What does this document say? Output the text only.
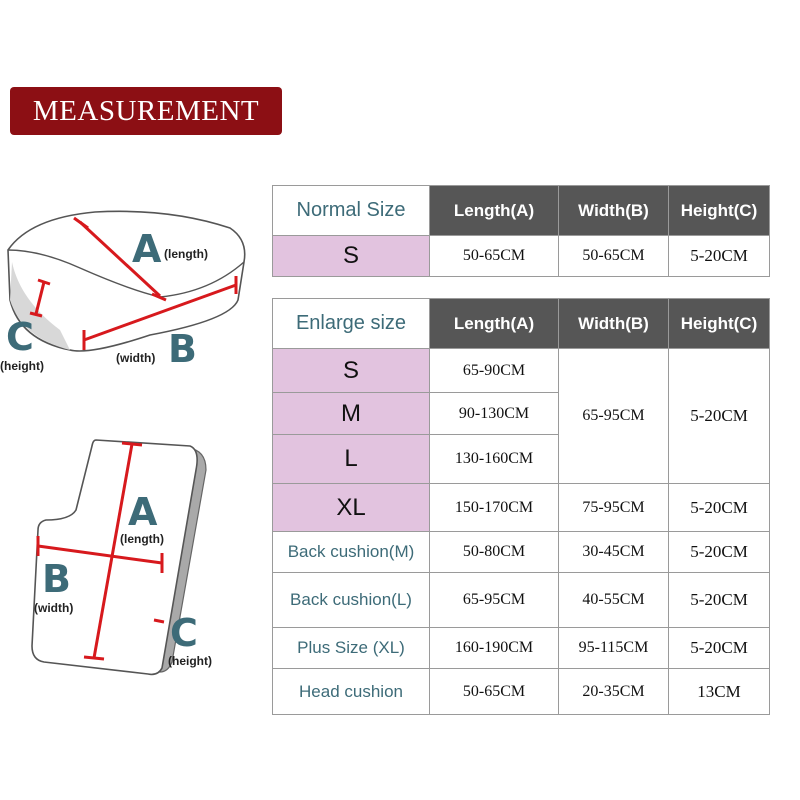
MEASUREMENT
A (length)
B
(width)
C
(height)
A
(length)
B
(width)
C
(height)
Normal Size	Length(A)	Width(B)	Height(C)
S	50-65CM	50-65CM	5-20CM
Enlarge size	Length(A)	Width(B)	Height(C)
S	65-90CM	65-95CM	5-20CM
M	90-130CM		
L	130-160CM		
XL	150-170CM	75-95CM	5-20CM
Back cushion(M)	50-80CM	30-45CM	5-20CM
Back cushion(L)	65-95CM	40-55CM	5-20CM
Plus Size (XL)	160-190CM	95-115CM	5-20CM
Head cushion	50-65CM	20-35CM	13CM
